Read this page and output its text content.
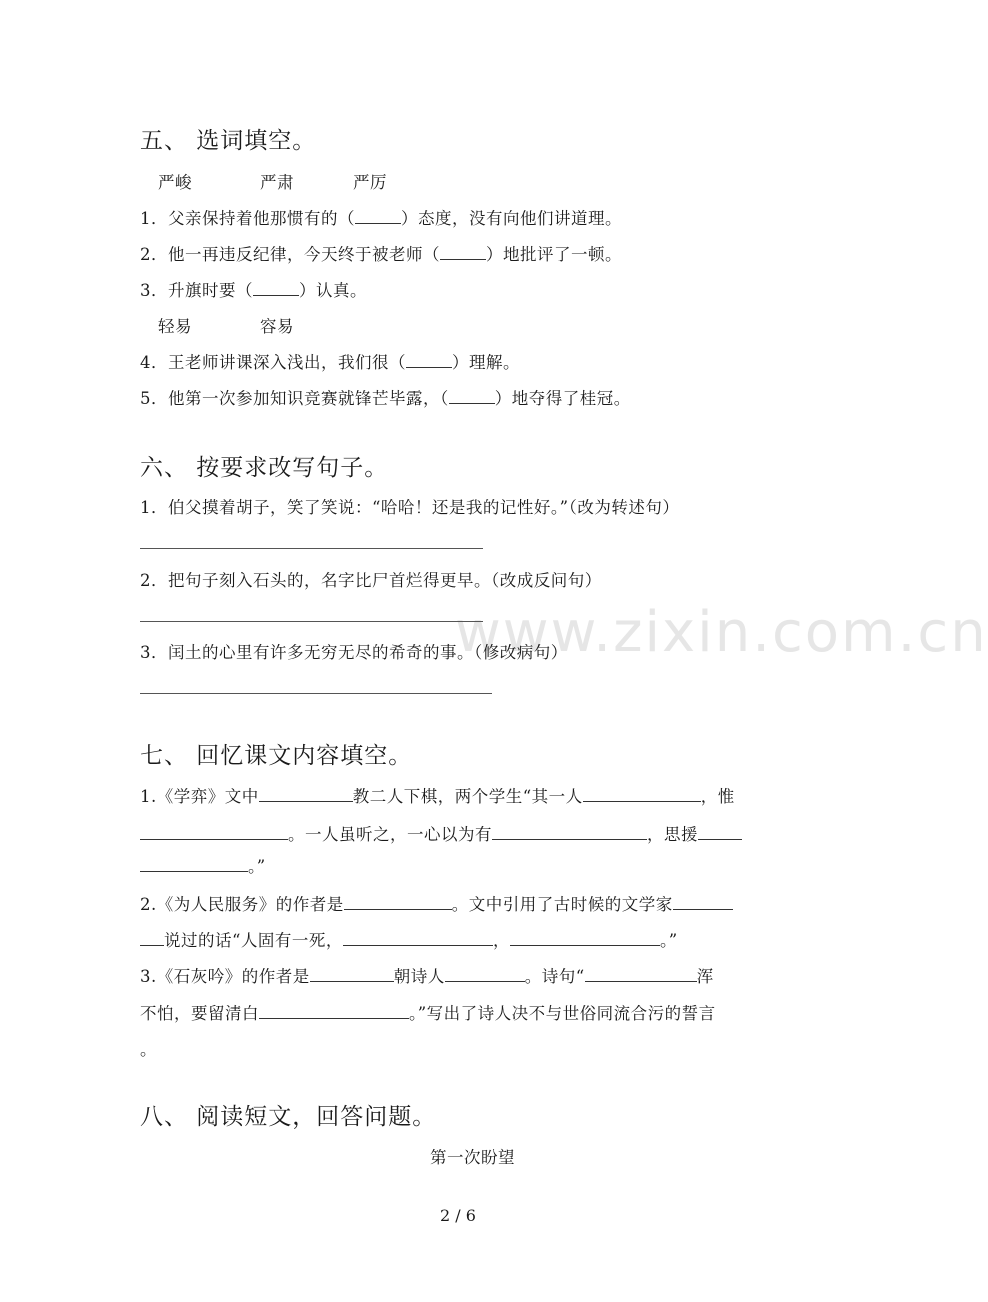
www.zixin.com.cn
五、 选词填空。
严峻	严肃	严厉
1．父亲保持着他那惯有的（	）态度，没有向他们讲道理。
2．他一再违反纪律，今天终于被老师（	）地批评了一顿。
3．升旗时要（	）认真。
轻易	容易
4．王老师讲课深入浅出，我们很（	）理解。
5．他第一次参加知识竞赛就锋芒毕露，（	）地夺得了桂冠。
六、 按要求改写句子。
1．伯父摸着胡子，笑了笑说：“哈哈！还是我的记性好。”（改为转述句）
2．把句子刻入石头的，名字比尸首烂得更早。（改成反问句）
3．闰土的心里有许多无穷无尽的希奇的事。（修改病句）
七、 回忆课文内容填空。
1.《学弈》文中	教二人下棋，两个学生“其一人	，惟
。一人虽听之，一心以为有	，思援
。”
2.《为人民服务》的作者是	。文中引用了古时候的文学家
说过的话“人固有一死，	，	。”
3.《石灰吟》的作者是	朝诗人	。诗句“	浑
不怕，要留清白	。”写出了诗人决不与世俗同流合污的誓言
。
八、 阅读短文，回答问题。
第一次盼望
2 / 6
